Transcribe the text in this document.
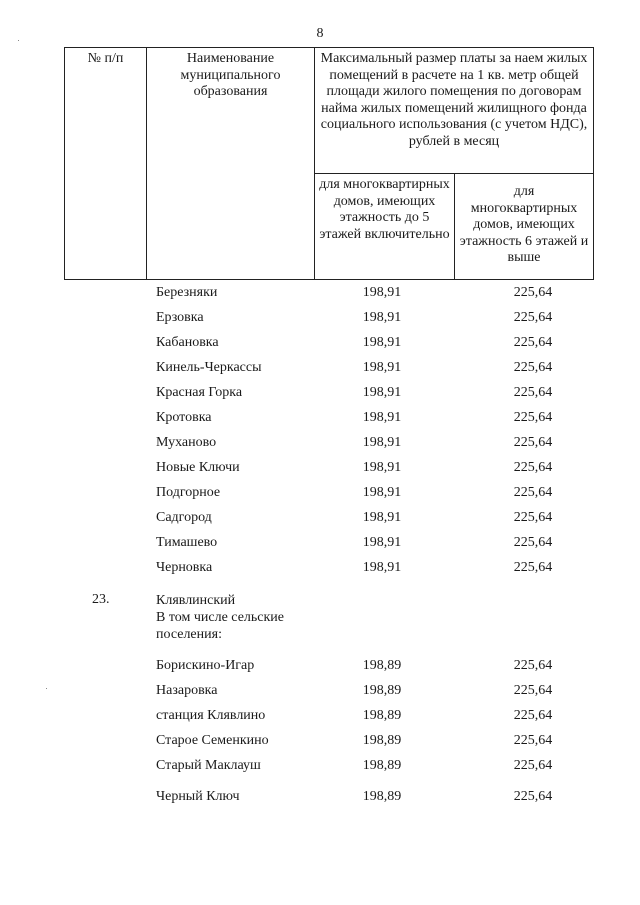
8
№ п/п	Наименование муниципального образования	Максимальный размер платы за наем жилых помещений в расчете на 1 кв. метр общей площади жилого помещения по договорам найма жилых помещений жилищного фонда социального использования (с учетом НДС), рублей в месяц	
		для многоквартирных домов, имеющих этажность до 5 этажей включительно	для многоквартирных домов, имеющих этажность 6 этажей и выше
Березняки	198,91	225,64
Ерзовка	198,91	225,64
Кабановка	198,91	225,64
Кинель-Черкассы	198,91	225,64
Красная Горка	198,91	225,64
Кротовка	198,91	225,64
Муханово	198,91	225,64
Новые Ключи	198,91	225,64
Подгорное	198,91	225,64
Садгород	198,91	225,64
Тимашево	198,91	225,64
Черновка	198,91	225,64
23.	Клявлинский
В том числе сельские
поселения:
Борискино-Игар	198,89	225,64
Назаровка	198,89	225,64
станция Клявлино	198,89	225,64
Старое Семенкино	198,89	225,64
Старый Маклауш	198,89	225,64
Черный Ключ	198,89	225,64
